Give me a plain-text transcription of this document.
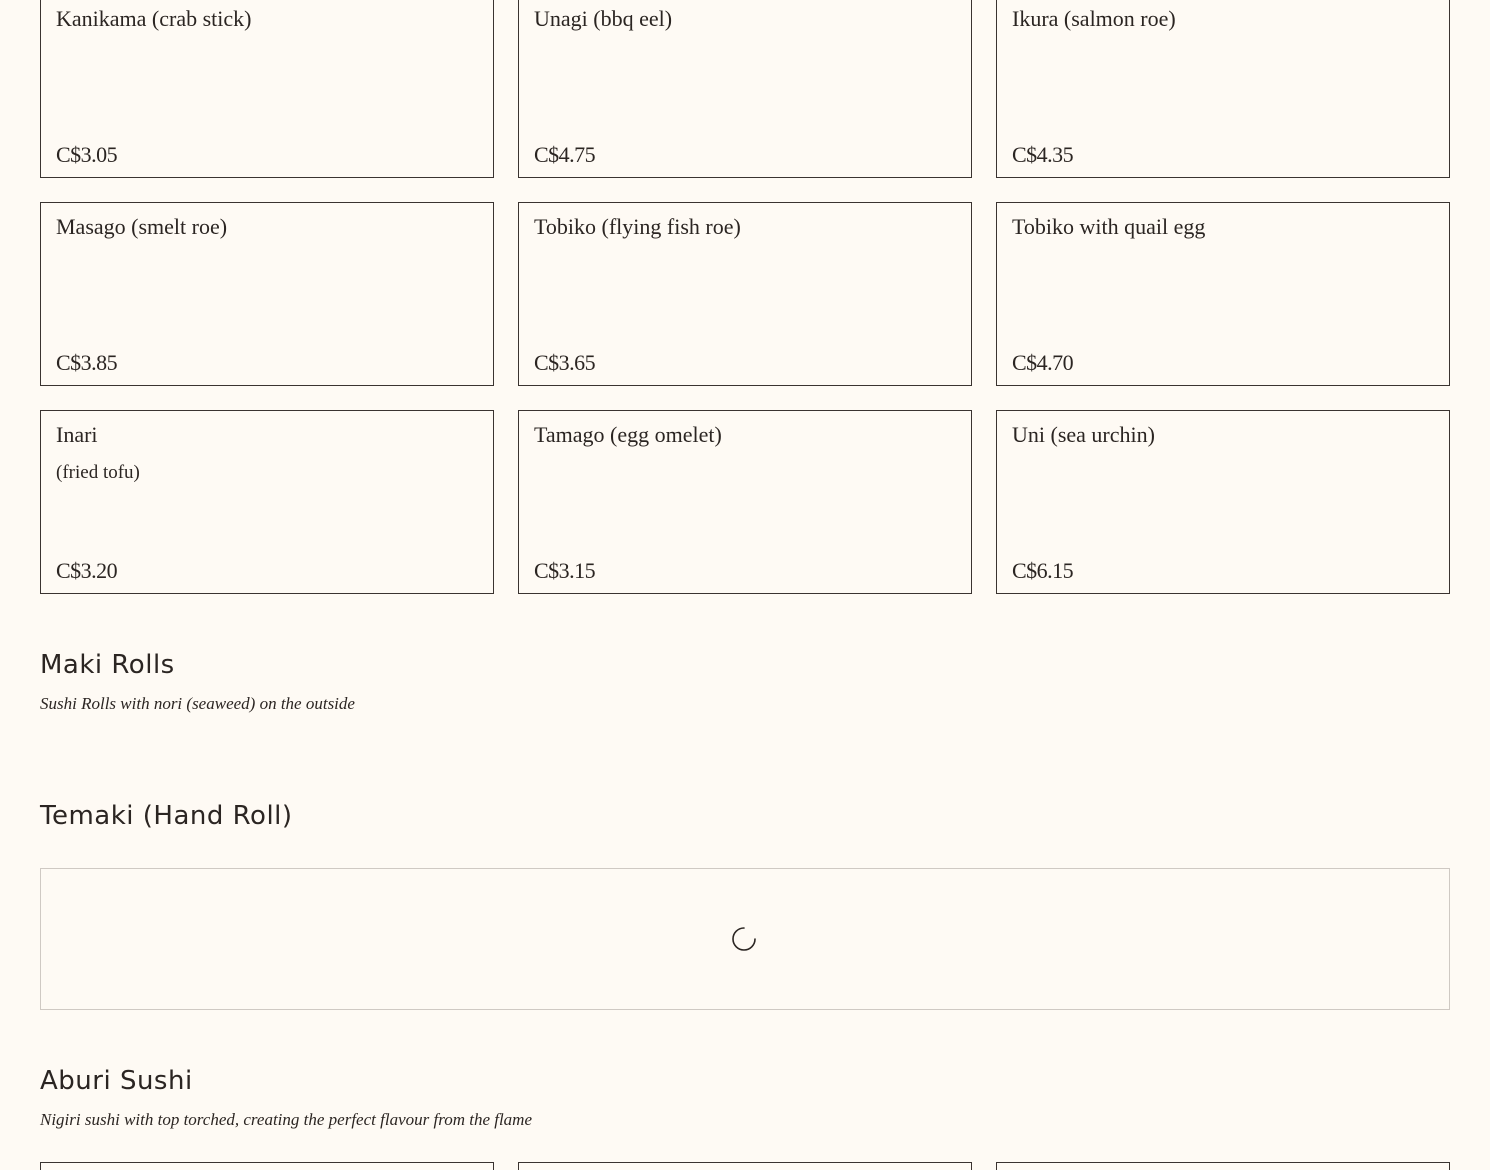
Kanikama (crab stick)
C$3.05
Unagi (bbq eel)
C$4.75
Ikura (salmon roe)
C$4.35
Masago (smelt roe)
C$3.85
Tobiko (flying fish roe)
C$3.65
Tobiko with quail egg
C$4.70
Inari
(fried tofu)
C$3.20
Tamago (egg omelet)
C$3.15
Uni (sea urchin)
C$6.15
Maki Rolls

Sushi Rolls with nori (seaweed) on the outside

Temaki (Hand Roll)
Aburi Sushi

Nigiri sushi with top torched, creating the perfect flavour from the flame
